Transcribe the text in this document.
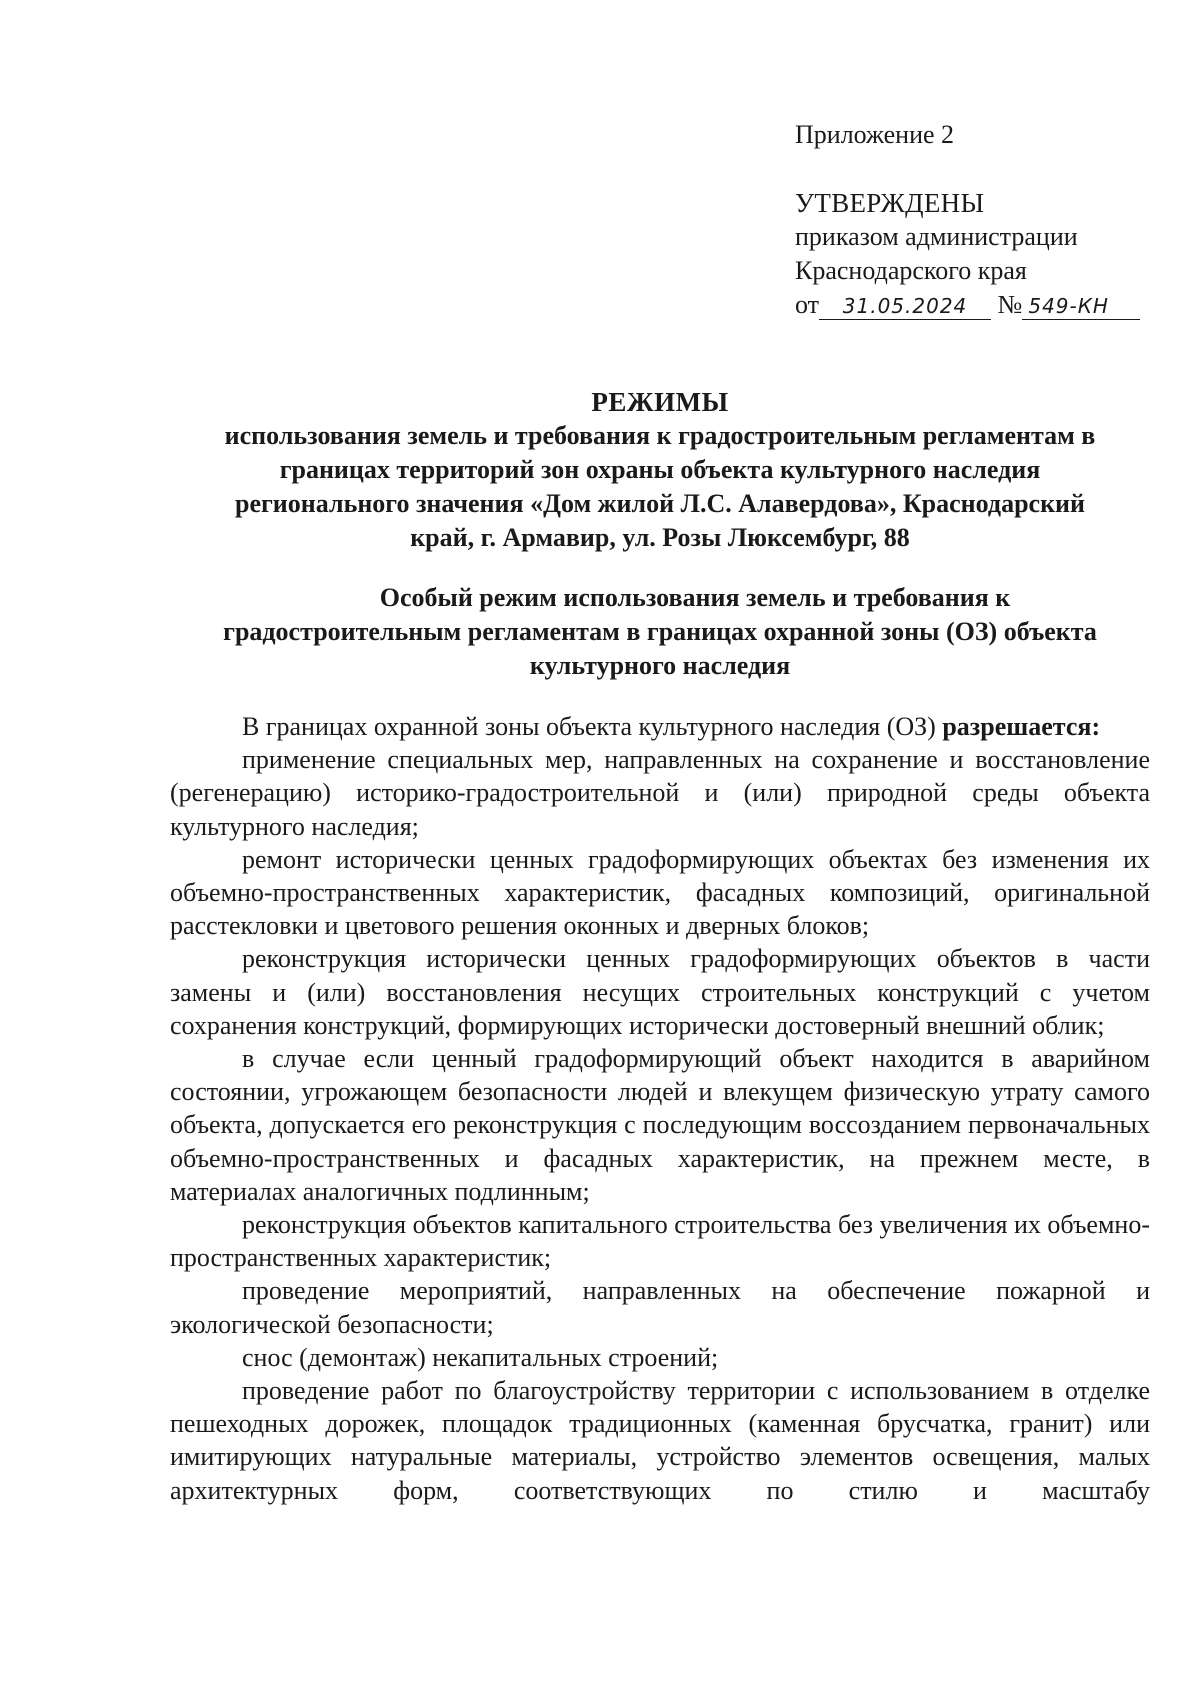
Приложение 2
УТВЕРЖДЕНЫ
приказом администрации
Краснодарского края
от 31.05.2024 № 549-КН
РЕЖИМЫ
использования земель и требования к градостроительным регламентам в
границах территорий зон охраны объекта культурного наследия
регионального значения «Дом жилой Л.С. Алавердова», Краснодарский
край, г. Армавир, ул. Розы Люксембург, 88
Особый режим использования земель и требования к
градостроительным регламентам в границах охранной зоны (ОЗ) объекта
культурного наследия

В границах охранной зоны объекта культурного наследия (ОЗ) разрешается:

применение специальных мер, направленных на сохранение и восстановление (регенерацию) историко-градостроительной и (или) природной среды объекта культурного наследия;

ремонт исторически ценных градоформирующих объектах без изменения их объемно-пространственных характеристик, фасадных композиций, оригинальной расстекловки и цветового решения оконных и дверных блоков;

реконструкция исторически ценных градоформирующих объектов в части замены и (или) восстановления несущих строительных конструкций с учетом сохранения конструкций, формирующих исторически достоверный внешний облик;

в случае если ценный градоформирующий объект находится в аварийном состоянии, угрожающем безопасности людей и влекущем физическую утрату самого объекта, допускается его реконструкция с последующим воссозданием первоначальных объемно-пространственных и фасадных характеристик, на прежнем месте, в материалах аналогичных подлинным;

реконструкция объектов капитального строительства без увеличения их объемно-пространственных характеристик;

проведение мероприятий, направленных на обеспечение пожарной и экологической безопасности;

снос (демонтаж) некапитальных строений;

проведение работ по благоустройству территории с использованием в отделке пешеходных дорожек, площадок традиционных (каменная брусчатка, гранит) или имитирующих натуральные материалы, устройство элементов освещения, малых архитектурных форм, соответствующих по стилю и масштабу
